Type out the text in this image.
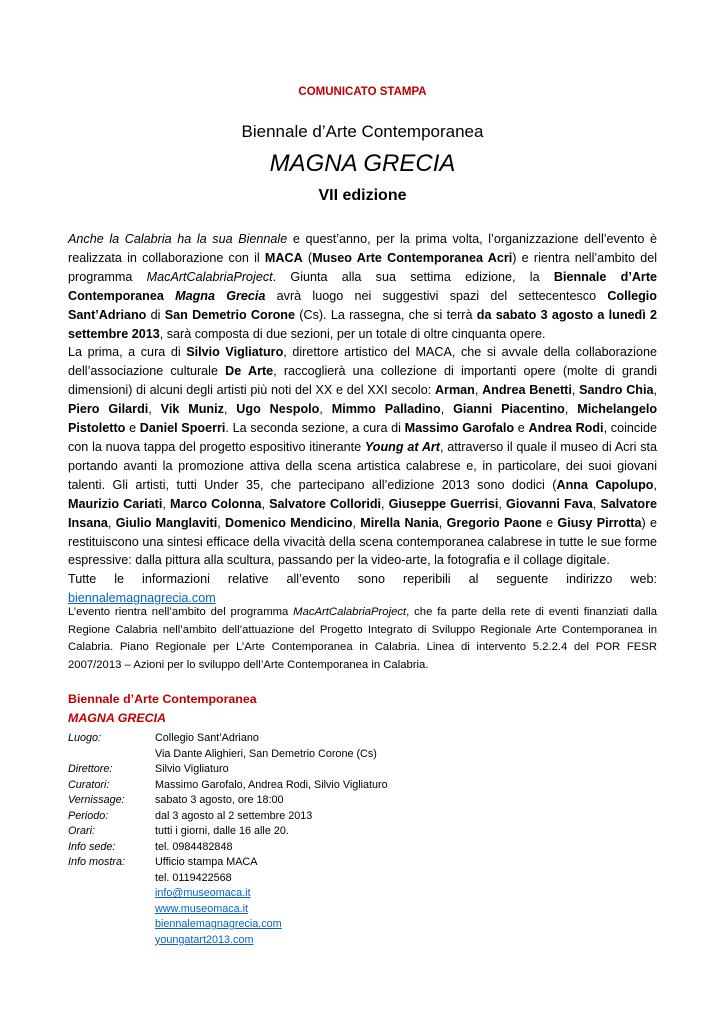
COMUNICATO STAMPA
Biennale d’Arte Contemporanea
MAGNA GRECIA
VII edizione

Anche la Calabria ha la sua Biennale e quest’anno, per la prima volta, l’organizzazione dell’evento è realizzata in collaborazione con il MACA (Museo Arte Contemporanea Acri) e rientra nell’ambito del programma MacArtCalabriaProject. Giunta alla sua settima edizione, la Biennale d’Arte Contemporanea Magna Grecia avrà luogo nei suggestivi spazi del settecentesco Collegio Sant’Adriano di San Demetrio Corone (Cs). La rassegna, che si terrà da sabato 3 agosto a lunedì 2 settembre 2013, sarà composta di due sezioni, per un totale di oltre cinquanta opere.

La prima, a cura di Silvio Vigliaturo, direttore artistico del MACA, che si avvale della collaborazione dell’associazione culturale De Arte, raccoglierà una collezione di importanti opere (molte di grandi dimensioni) di alcuni degli artisti più noti del XX e del XXI secolo: Arman, Andrea Benetti, Sandro Chia, Piero Gilardi, Vik Muniz, Ugo Nespolo, Mimmo Palladino, Gianni Piacentino, Michelangelo Pistoletto e Daniel Spoerri. La seconda sezione, a cura di Massimo Garofalo e Andrea Rodi, coincide con la nuova tappa del progetto espositivo itinerante Young at Art, attraverso il quale il museo di Acri sta portando avanti la promozione attiva della scena artistica calabrese e, in particolare, dei suoi giovani talenti. Gli artisti, tutti Under 35, che partecipano all’edizione 2013 sono dodici (Anna Capolupo, Maurizio Cariati, Marco Colonna, Salvatore Colloridi, Giuseppe Guerrisi, Giovanni Fava, Salvatore Insana, Giulio Manglaviti, Domenico Mendicino, Mirella Nania, Gregorio Paone e Giusy Pirrotta) e restituiscono una sintesi efficace della vivacità della scena contemporanea calabrese in tutte le sue forme espressive: dalla pittura alla scultura, passando per la video-arte, la fotografia e il collage digitale.

Tutte le informazioni relative all’evento sono reperibili al seguente indirizzo web: biennalemagnagrecia.com

L’evento rientra nell’ambito del programma MacArtCalabriaProject, che fa parte della rete di eventi finanziati dalla Regione Calabria nell’ambito dell’attuazione del Progetto Integrato di Sviluppo Regionale Arte Contemporanea in Calabria. Piano Regionale per L’Arte Contemporanea in Calabria. Linea di intervento 5.2.2.4 del POR FESR 2007/2013 – Azioni per lo sviluppo dell’Arte Contemporanea in Calabria.
Biennale d’Arte Contemporanea
MAGNA GRECIA
Luogo:	Collegio Sant’Adriano
Via Dante Alighieri, San Demetrio Corone (Cs)
Direttore:	Silvio Vigliaturo
Curatori:	Massimo Garofalo, Andrea Rodi, Silvio Vigliaturo
Vernissage:	sabato 3 agosto, ore 18:00
Periodo:	dal 3 agosto al 2 settembre 2013
Orari:	tutti i giorni, dalle 16 alle 20.
Info sede:	tel. 0984482848
Info mostra:	Ufficio stampa MACA
tel. 0119422568
info@museomaca.it
www.museomaca.it
biennalemagnagrecia.com
youngatart2013.com
